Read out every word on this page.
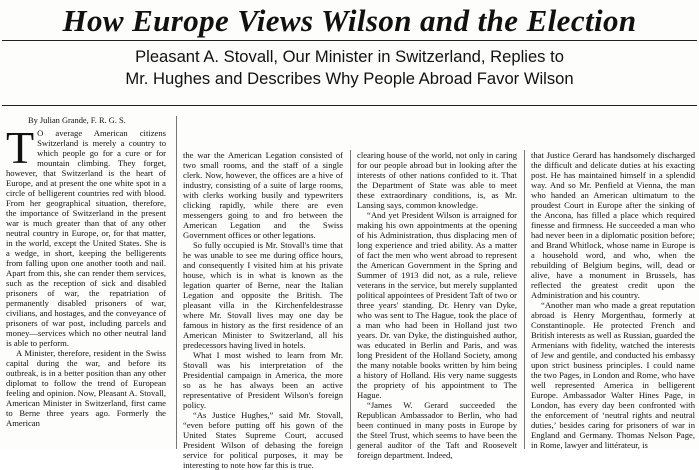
How Europe Views Wilson and the Election
Pleasant A. Stovall, Our Minister in Switzerland, Replies to
Mr. Hughes and Describes Why People Abroad Favor Wilson
By Julian Grande, F. R. G. S.

T O average American citizens Switzerland is merely a country to which people go for a cure or for mountain climbing. They forget, however, that Switzerland is the heart of Europe, and at present the one white spot in a circle of belligerent countries red with blood. From her geographical situation, therefore, the importance of Switzerland in the present war is much greater than that of any other neutral country in Europe, or, for that matter, in the world, except the United States. She is a wedge, in short, keeping the belligerents from falling upon one another tooth and nail. Apart from this, she can render them services, such as the reception of sick and disabled prisoners of war, the repatriation of permanently disabled prisoners of war, civilians, and hostages, and the conveyance of prisoners of war post, including parcels and money—services which no other neutral land is able to perform.

A Minister, therefore, resident in the Swiss capital during the war, and before its outbreak, is in a better position than any other diplomat to follow the trend of European feeling and opinion. Now, Pleasant A. Stovall, American Minister in Switzerland, first came to Berne three years ago. Formerly the American

the war the American Legation consisted of two small rooms, and the staff of a single clerk. Now, however, the offices are a hive of industry, consisting of a suite of large rooms, with clerks working busily and typewriters clicking rapidly, while there are even messengers going to and fro between the American Legation and the Swiss Government offices or other legations.

So fully occupied is Mr. Stovall's time that he was unable to see me during office hours, and consequently I visited him at his private house, which is in what is known as the legation quarter of Berne, near the Italian Legation and opposite the British. The pleasant villa in the Kirchenfeldestrasse where Mr. Stovall lives may one day be famous in history as the first residence of an American Minister to Switzerland, all his predecessors having lived in hotels.

What I most wished to learn from Mr. Stovall was his interpretation of the Presidential campaign in America, the more so as he has always been an active representative of President Wilson's foreign policy.

“As Justice Hughes,” said Mr. Stovall, “even before putting off his gown of the United States Supreme Court, accused President Wilson of debasing the foreign service for political purposes, it may be interesting to note how far this is true.

clearing house of the world, not only in caring for our people abroad but in looking after the interests of other nations confided to it. That the Department of State was able to meet these extraordinary conditions, is, as Mr. Lansing says, common knowledge.

“And yet President Wilson is arraigned for making his own appointments at the opening of his Administration, thus displacing men of long experience and tried ability. As a matter of fact the men who went abroad to represent the American Government in the Spring and Summer of 1913 did not, as a rule, relieve veterans in the service, but merely supplanted political appointees of President Taft of two or three years' standing. Dr. Henry van Dyke, who was sent to The Hague, took the place of a man who had been in Holland just two years. Dr. van Dyke, the distinguished author, was educated in Berlin and Paris, and was long President of the Holland Society, among the many notable books written by him being a history of Holland. His very name suggests the propriety of his appointment to The Hague.

“James W. Gerard succeeded the Republican Ambassador to Berlin, who had been continued in many posts in Europe by the Steel Trust, which seems to have been the general auditor of the Taft and Roosevelt foreign department. Indeed,

that Justice Gerard has handsomely discharged the difficult and delicate duties at his exacting post. He has maintained himself in a splendid way. And so Mr. Penfield at Vienna, the man who handed an American ultimatum to the proudest Court in Europe after the sinking of the Ancona, has filled a place which required finesse and firmness. He succeeded a man who had never been in a diplomatic position before; and Brand Whitlock, whose name in Europe is a household word, and who, when the rebuilding of Belgium begins, will, dead or alive, have a monument in Brussels, has reflected the greatest credit upon the Administration and his country.

“Another man who made a great reputation abroad is Henry Morgenthau, formerly at Constantinople. He protected French and British interests as well as Russian, guarded the Armenians with fidelity, watched the interests of Jew and gentile, and conducted his embassy upon strict business principles. I could name the two Pages, in London and Rome, who have well represented America in belligerent Europe. Ambassador Walter Hines Page, in London, has every day been confronted with the enforcement of ‘neutral rights and neutral duties,’ besides caring for prisoners of war in England and Germany. Thomas Nelson Page, in Rome, lawyer and littérateur, is
